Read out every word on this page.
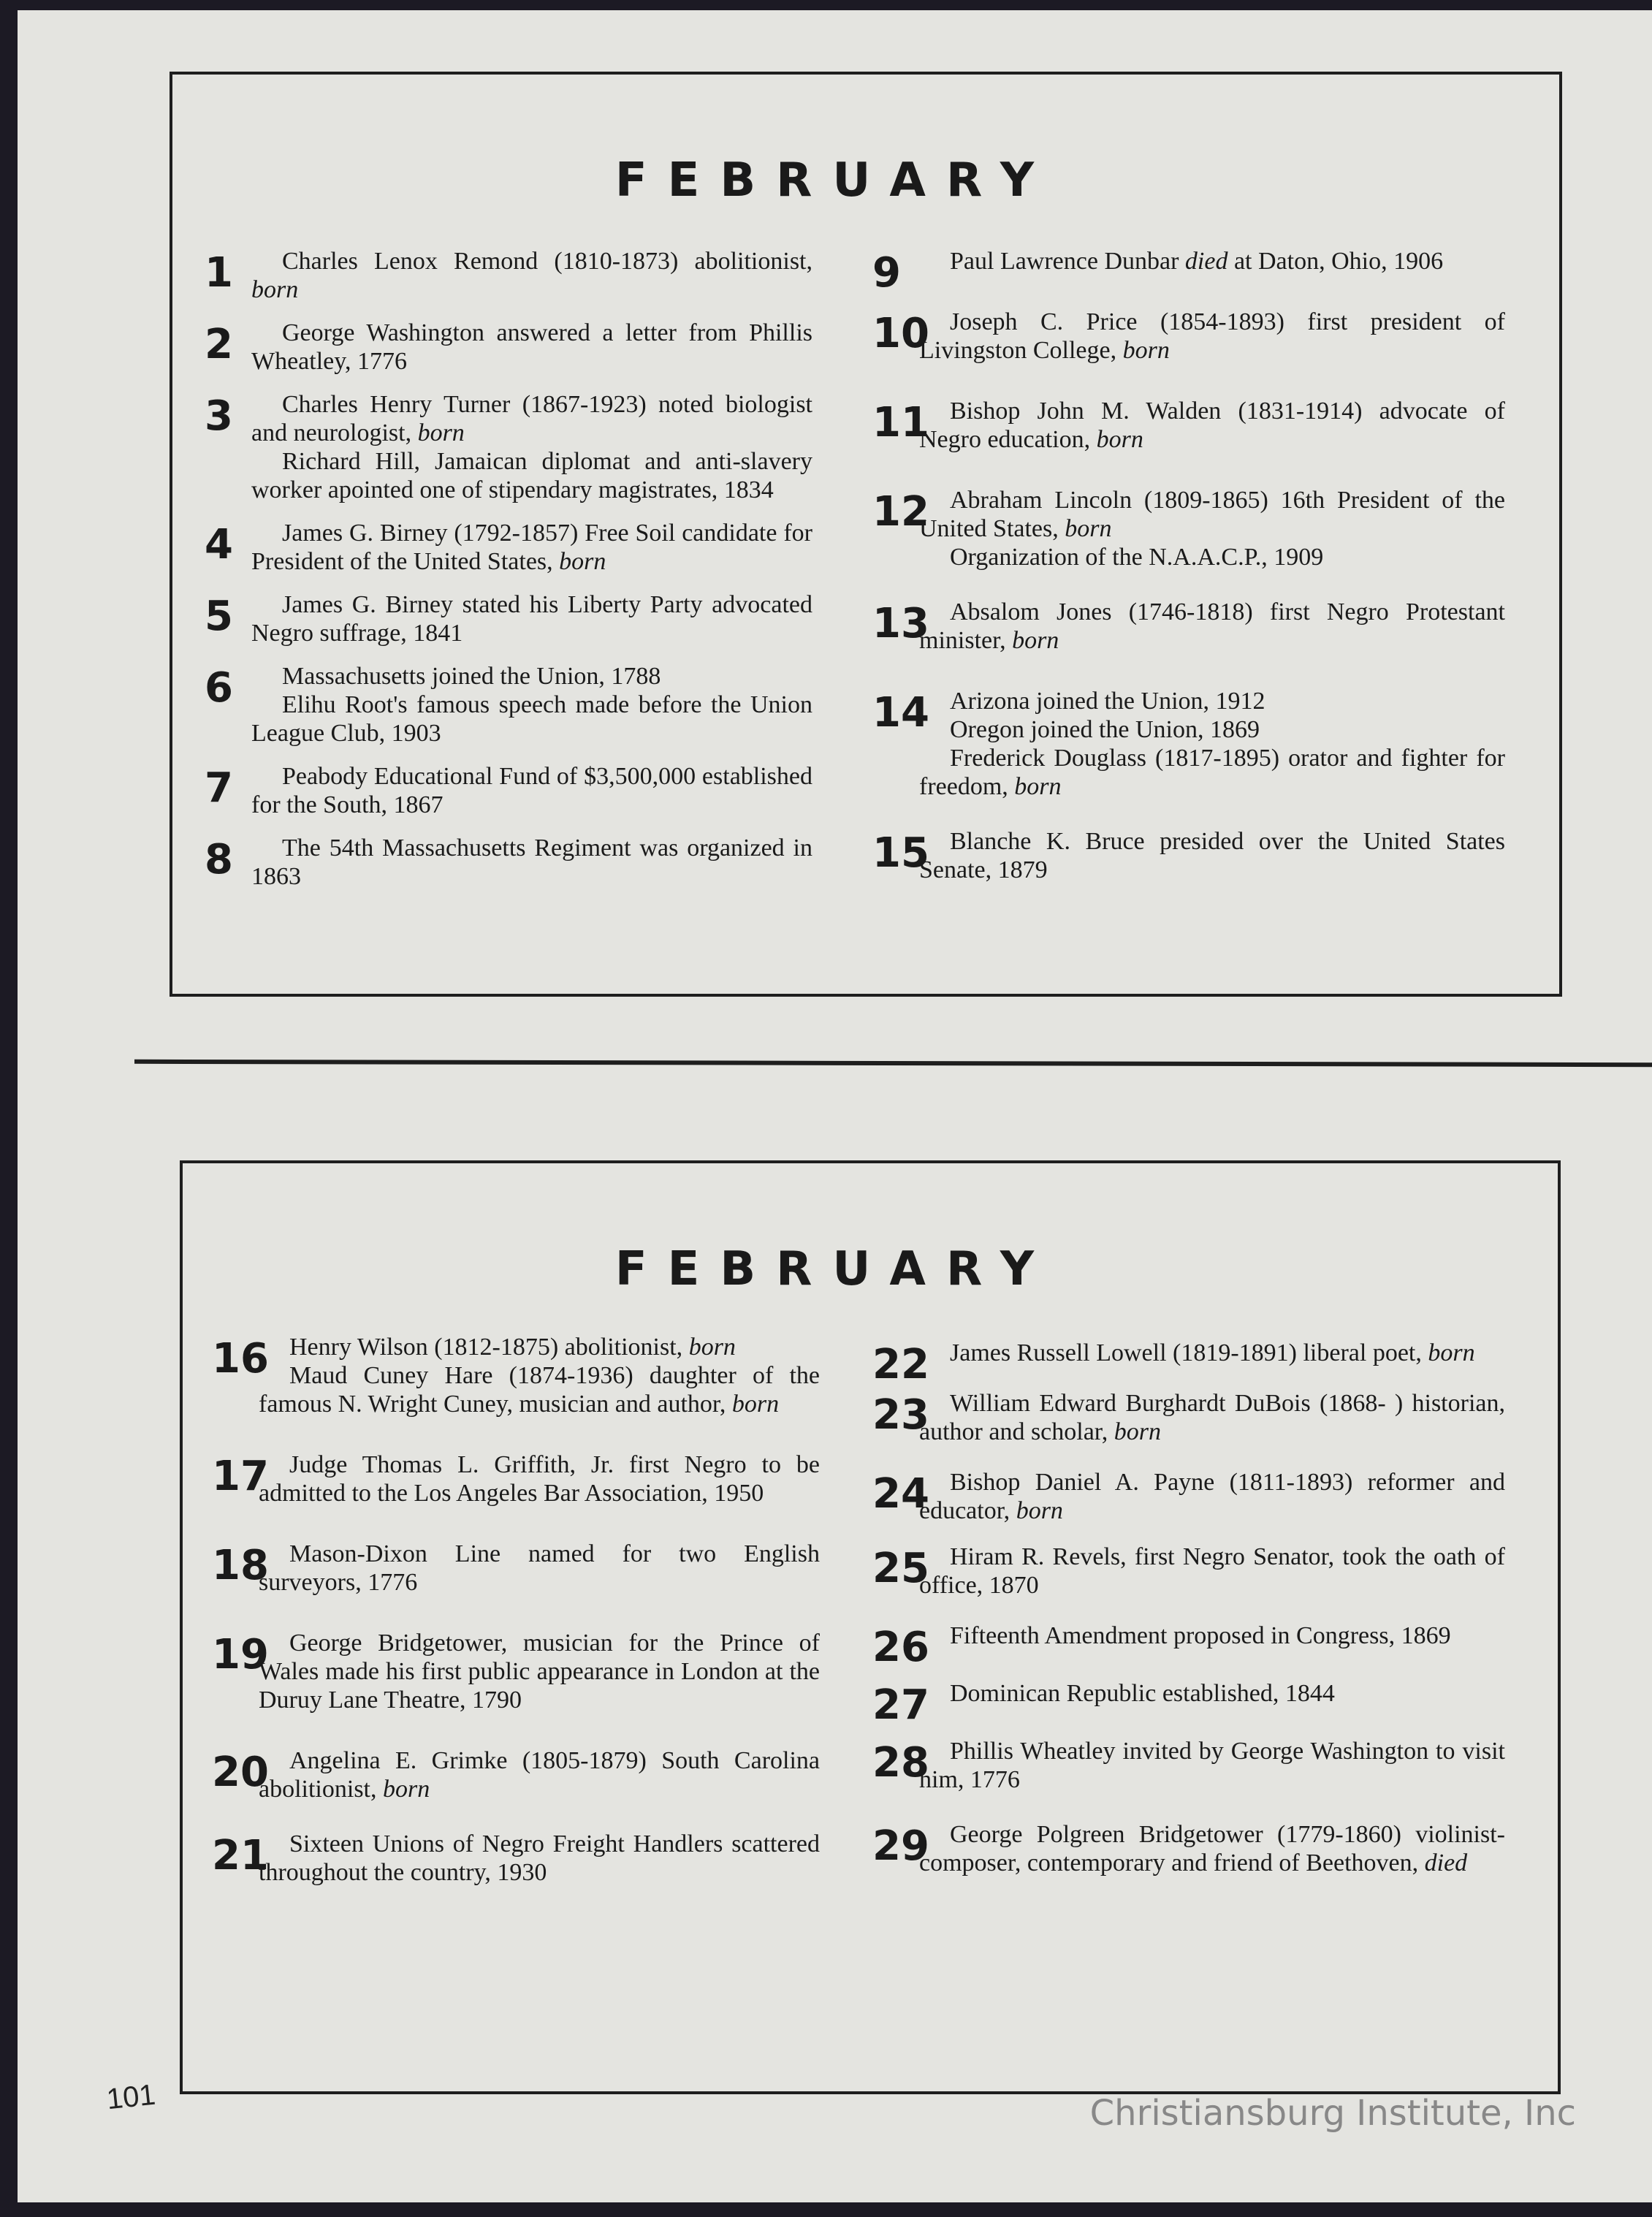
FEBRUARY
1	Charles Lenox Remond (1810-1873) abolitionist, born
2	George Washington answered a letter from Phillis Wheatley, 1776
3	Charles Henry Turner (1867-1923) noted biologist and neurologist, born
Richard Hill, Jamaican diplomat and anti-slavery worker apointed one of stipendary magistrates, 1834
4	James G. Birney (1792-1857) Free Soil candidate for President of the United States, born
5	James G. Birney stated his Liberty Party advocated Negro suffrage, 1841
6	Massachusetts joined the Union, 1788
Elihu Root's famous speech made before the Union League Club, 1903
7	Peabody Educational Fund of $3,500,000 established for the South, 1867
8	The 54th Massachusetts Regiment was organized in 1863
9	Paul Lawrence Dunbar died at Daton, Ohio, 1906
10 Joseph C. Price (1854-1893) first president of Livingston College, born
11 Bishop John M. Walden (1831-1914) advocate of Negro education, born
12 Abraham Lincoln (1809-1865) 16th President of the United States, born
Organization of the N.A.A.C.P., 1909
13 Absalom Jones (1746-1818) first Negro Protestant minister, born
14 Arizona joined the Union, 1912
Oregon joined the Union, 1869
Frederick Douglass (1817-1895) orator and fighter for freedom, born
15 Blanche K. Bruce presided over the United States Senate, 1879
FEBRUARY
16 Henry Wilson (1812-1875) abolitionist, born
Maud Cuney Hare (1874-1936) daughter of the famous N. Wright Cuney, musician and author, born
17 Judge Thomas L. Griffith, Jr. first Negro to be admitted to the Los Angeles Bar Association, 1950
18 Mason-Dixon Line named for two English surveyors, 1776
19 George Bridgetower, musician for the Prince of Wales made his first public appearance in London at the Duruy Lane Theatre, 1790
20 Angelina E. Grimke (1805-1879) South Carolina abolitionist, born
21 Sixteen Unions of Negro Freight Handlers scattered throughout the country, 1930
22 James Russell Lowell (1819-1891) liberal poet, born
23 William Edward Burghardt DuBois (1868- ) historian, author and scholar, born
24 Bishop Daniel A. Payne (1811-1893) reformer and educator, born
25 Hiram R. Revels, first Negro Senator, took the oath of office, 1870
26 Fifteenth Amendment proposed in Congress, 1869
27 Dominican Republic established, 1844
28 Phillis Wheatley invited by George Washington to visit him, 1776
29 George Polgreen Bridgetower (1779-1860) violinist-composer, contemporary and friend of Beethoven, died
101	Christiansburg Institute, Inc
